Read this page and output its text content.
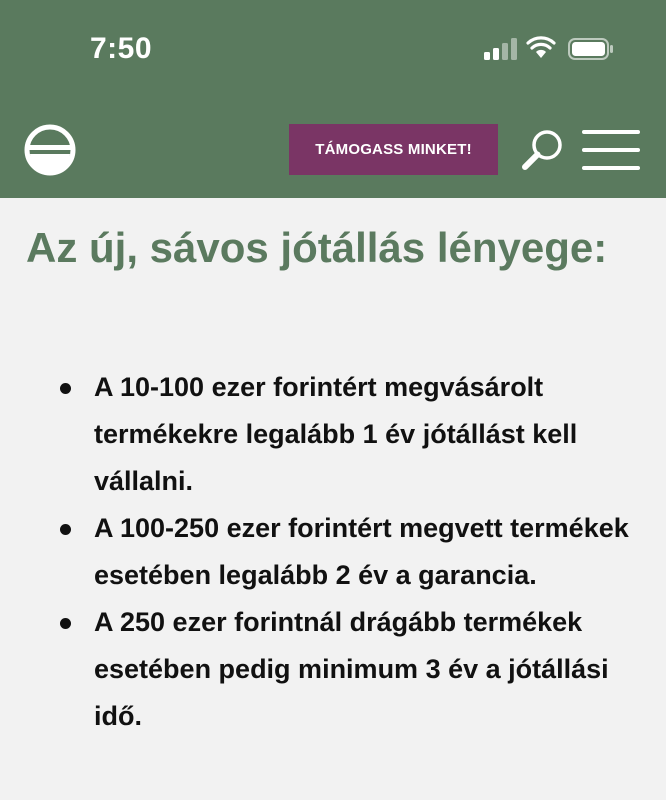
7:50
TÁMOGASS MINKET!
Az új, sávos jótállás lényege:
A 10-100 ezer forintért megvásárolt termékekre legalább 1 év jótállást kell vállalni.
A 100-250 ezer forintért megvett termékek esetében legalább 2 év a garancia.
A 250 ezer forintnál drágább termékek esetében pedig minimum 3 év a jótállási idő.
